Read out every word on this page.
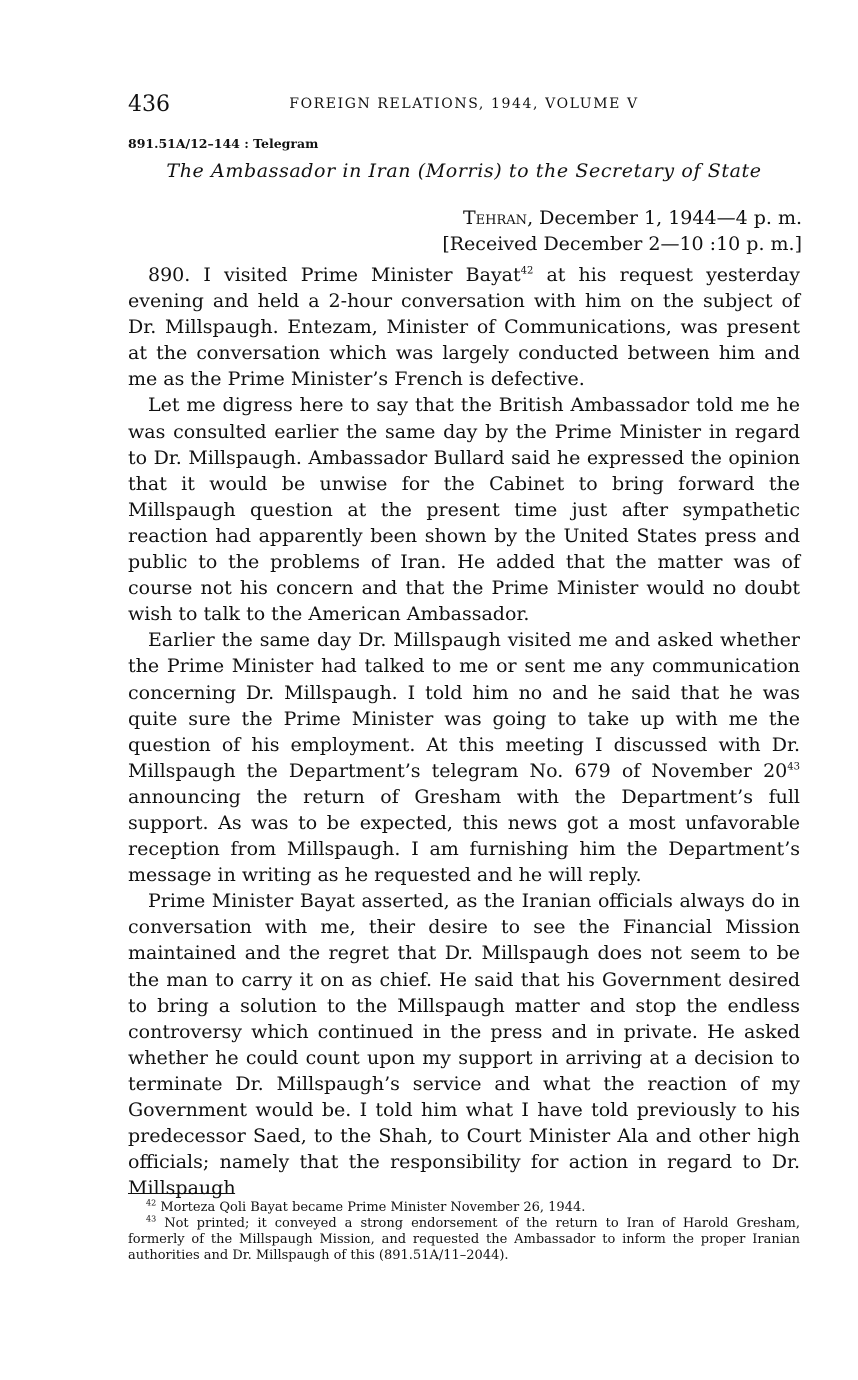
436	FOREIGN RELATIONS, 1944, VOLUME V
891.51A/12–144 : Telegram
The Ambassador in Iran (Morris) to the Secretary of State
Tehran, December 1, 1944—4 p. m.
[Received December 2—10 :10 p. m.]

890. I visited Prime Minister Bayat$^{42}$ at his request yesterday evening and held a 2-hour conversation with him on the subject of Dr. Millspaugh. Entezam, Minister of Communications, was present at the conversation which was largely conducted between him and me as the Prime Minister’s French is defective.

Let me digress here to say that the British Ambassador told me he was consulted earlier the same day by the Prime Minister in regard to Dr. Millspaugh. Ambassador Bullard said he expressed the opinion that it would be unwise for the Cabinet to bring forward the Millspaugh question at the present time just after sympathetic reaction had apparently been shown by the United States press and public to the problems of Iran. He added that the matter was of course not his concern and that the Prime Minister would no doubt wish to talk to the American Ambassador.

Earlier the same day Dr. Millspaugh visited me and asked whether the Prime Minister had talked to me or sent me any communication concerning Dr. Millspaugh. I told him no and he said that he was quite sure the Prime Minister was going to take up with me the question of his employment. At this meeting I discussed with Dr. Millspaugh the Department’s telegram No. 679 of November 20$^{43}$ announcing the return of Gresham with the Department’s full support. As was to be expected, this news got a most unfavorable reception from Millspaugh. I am furnishing him the Department’s message in writing as he requested and he will reply.

Prime Minister Bayat asserted, as the Iranian officials always do in conversation with me, their desire to see the Financial Mission maintained and the regret that Dr. Millspaugh does not seem to be the man to carry it on as chief. He said that his Government desired to bring a solution to the Millspaugh matter and stop the endless controversy which continued in the press and in private. He asked whether he could count upon my support in arriving at a decision to terminate Dr. Millspaugh’s service and what the reaction of my Government would be. I told him what I have told previously to his predecessor Saed, to the Shah, to Court Minister Ala and other high officials; namely that the responsibility for action in regard to Dr. Millspaugh

$^{42}$ Morteza Qoli Bayat became Prime Minister November 26, 1944.

$^{43}$ Not printed; it conveyed a strong endorsement of the return to Iran of Harold Gresham, formerly of the Millspaugh Mission, and requested the Ambassador to inform the proper Iranian authorities and Dr. Millspaugh of this (891.51A/11–2044).
